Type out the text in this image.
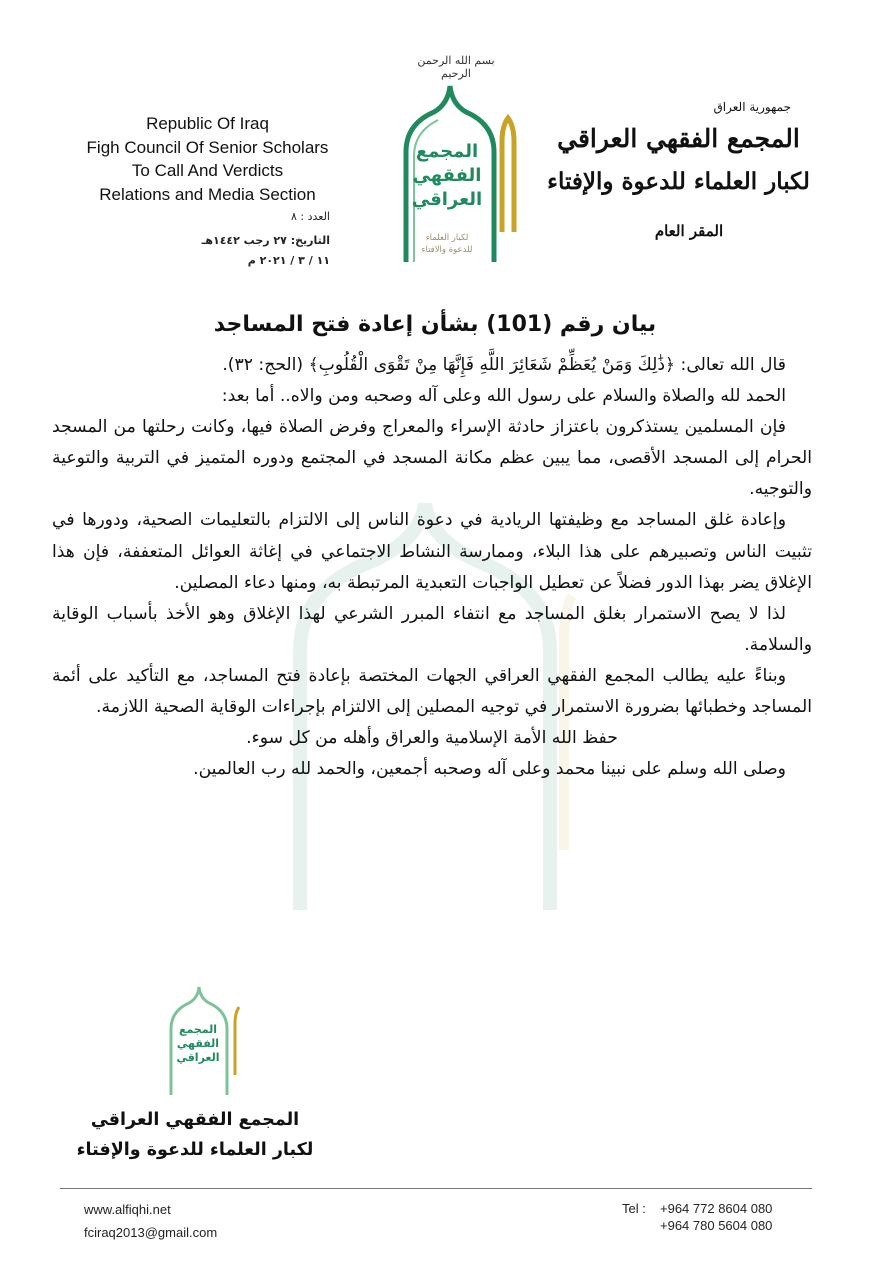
Republic Of Iraq
Figh Council Of Senior Scholars
To Call And Verdicts
Relations and Media Section
العدد : ٨
التاريخ: ٢٧ رجب ١٤٤٢هـ
١١ / ٣ / ٢٠٢١ م
بسم الله الرحمن الرحيم
المجمع
الفقهي
العراقي
لكبار العلماء
للدعوة والافتاء
جمهورية العراق
المجمع الفقهي العراقي
لكبار العلماء للدعوة والإفتاء
المقر العام
بيان رقم (101) بشأن إعادة فتح المساجد

قال الله تعالى: ﴿ذَٰلِكَ وَمَنْ يُعَظِّمْ شَعَائِرَ اللَّهِ فَإِنَّهَا مِنْ تَقْوَى الْقُلُوبِ﴾ (الحج: ٣٢).

الحمد لله والصلاة والسلام على رسول الله وعلى آله وصحبه ومن والاه.. أما بعد:

فإن المسلمين يستذكرون باعتزاز حادثة الإسراء والمعراج وفرض الصلاة فيها، وكانت رحلتها من المسجد الحرام إلى المسجد الأقصى، مما يبين عظم مكانة المسجد في المجتمع ودوره المتميز في التربية والتوعية والتوجيه.

وإعادة غلق المساجد مع وظيفتها الريادية في دعوة الناس إلى الالتزام بالتعليمات الصحية، ودورها في تثبيت الناس وتصبيرهم على هذا البلاء، وممارسة النشاط الاجتماعي في إغاثة العوائل المتعففة، فإن هذا الإغلاق يضر بهذا الدور فضلاً عن تعطيل الواجبات التعبدية المرتبطة به، ومنها دعاء المصلين.

لذا لا يصح الاستمرار بغلق المساجد مع انتفاء المبرر الشرعي لهذا الإغلاق وهو الأخذ بأسباب الوقاية والسلامة.

وبناءً عليه يطالب المجمع الفقهي العراقي الجهات المختصة بإعادة فتح المساجد، مع التأكيد على أئمة المساجد وخطبائها بضرورة الاستمرار في توجيه المصلين إلى الالتزام بإجراءات الوقاية الصحية اللازمة.

حفظ الله الأمة الإسلامية والعراق وأهله من كل سوء.

وصلى الله وسلم على نبينا محمد وعلى آله وصحبه أجمعين، والحمد لله رب العالمين.

المجمع
الفقهي
العراقي
المجمع الفقهي العراقي
لكبار العلماء للدعوة والإفتاء
www.alfiqhi.net
fciraq2013@gmail.com
Tel :	+964 772 8604 080
+964 780 5604 080
